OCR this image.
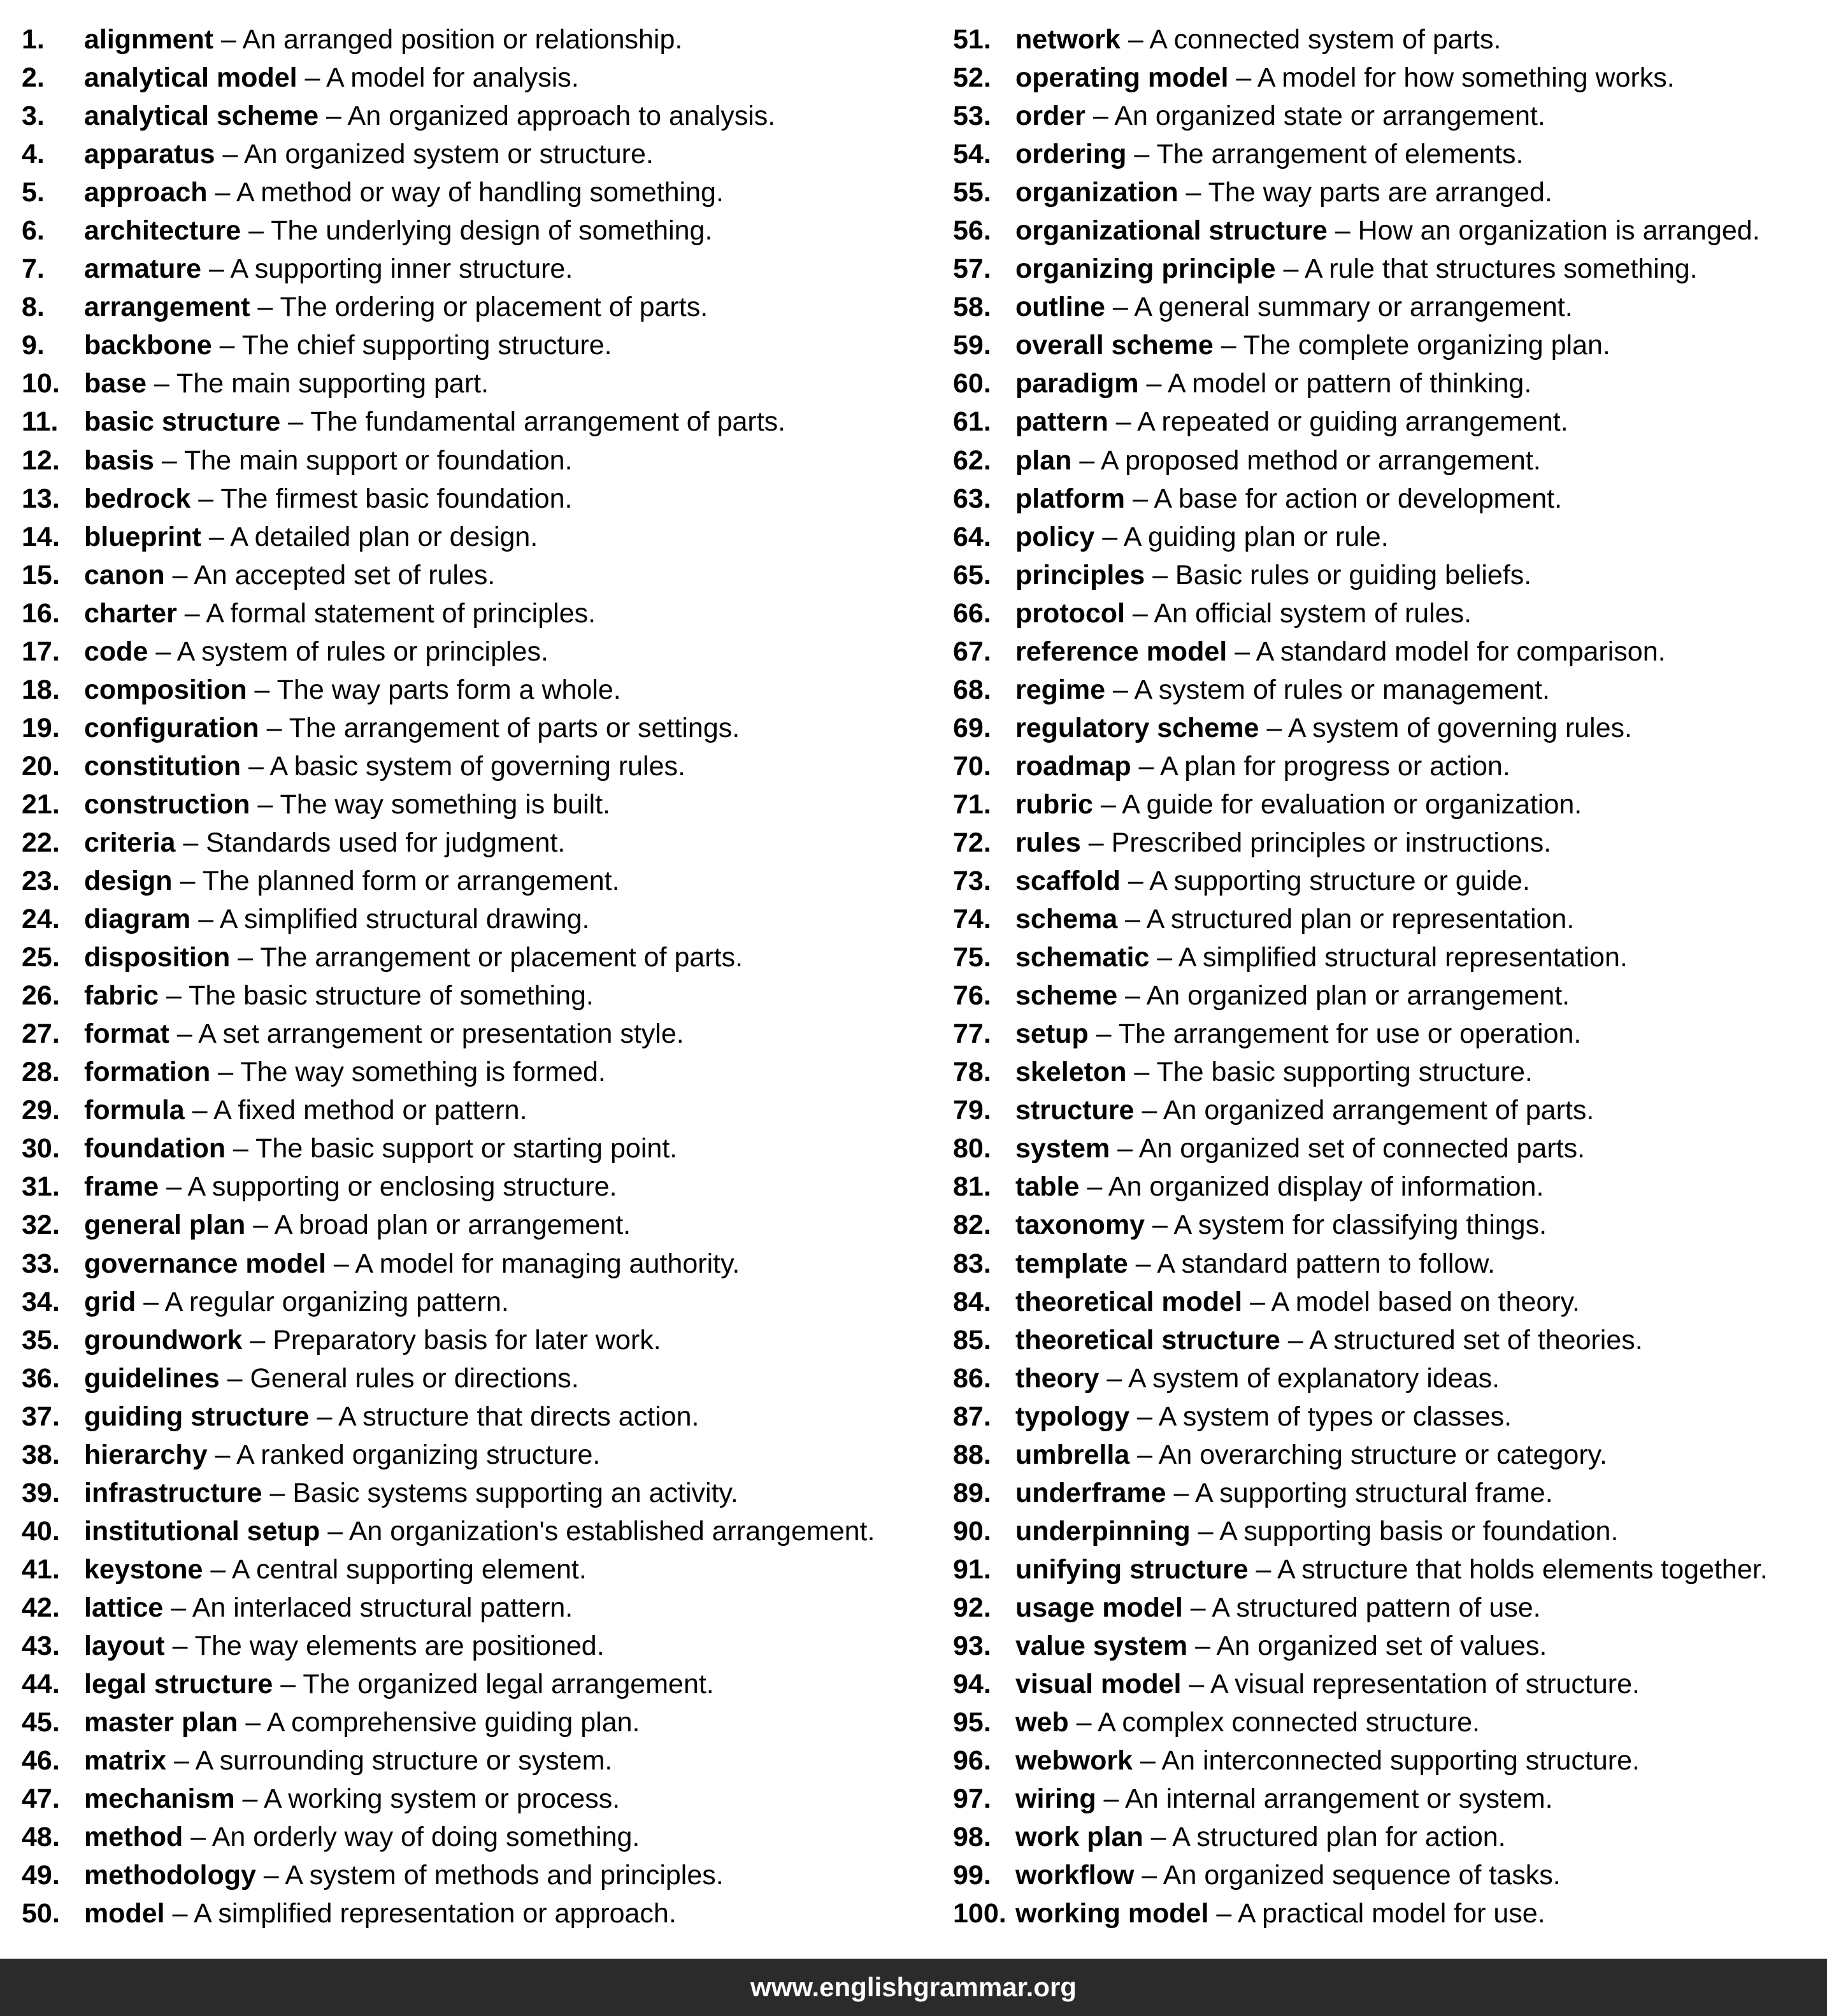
1. alignment – An arranged position or relationship.
2. analytical model – A model for analysis.
3. analytical scheme – An organized approach to analysis.
4. apparatus – An organized system or structure.
5. approach – A method or way of handling something.
6. architecture – The underlying design of something.
7. armature – A supporting inner structure.
8. arrangement – The ordering or placement of parts.
9. backbone – The chief supporting structure.
10. base – The main supporting part.
11. basic structure – The fundamental arrangement of parts.
12. basis – The main support or foundation.
13. bedrock – The firmest basic foundation.
14. blueprint – A detailed plan or design.
15. canon – An accepted set of rules.
16. charter – A formal statement of principles.
17. code – A system of rules or principles.
18. composition – The way parts form a whole.
19. configuration – The arrangement of parts or settings.
20. constitution – A basic system of governing rules.
21. construction – The way something is built.
22. criteria – Standards used for judgment.
23. design – The planned form or arrangement.
24. diagram – A simplified structural drawing.
25. disposition – The arrangement or placement of parts.
26. fabric – The basic structure of something.
27. format – A set arrangement or presentation style.
28. formation – The way something is formed.
29. formula – A fixed method or pattern.
30. foundation – The basic support or starting point.
31. frame – A supporting or enclosing structure.
32. general plan – A broad plan or arrangement.
33. governance model – A model for managing authority.
34. grid – A regular organizing pattern.
35. groundwork – Preparatory basis for later work.
36. guidelines – General rules or directions.
37. guiding structure – A structure that directs action.
38. hierarchy – A ranked organizing structure.
39. infrastructure – Basic systems supporting an activity.
40. institutional setup – An organization's established arrangement.
41. keystone – A central supporting element.
42. lattice – An interlaced structural pattern.
43. layout – The way elements are positioned.
44. legal structure – The organized legal arrangement.
45. master plan – A comprehensive guiding plan.
46. matrix – A surrounding structure or system.
47. mechanism – A working system or process.
48. method – An orderly way of doing something.
49. methodology – A system of methods and principles.
50. model – A simplified representation or approach.
51. network – A connected system of parts.
52. operating model – A model for how something works.
53. order – An organized state or arrangement.
54. ordering – The arrangement of elements.
55. organization – The way parts are arranged.
56. organizational structure – How an organization is arranged.
57. organizing principle – A rule that structures something.
58. outline – A general summary or arrangement.
59. overall scheme – The complete organizing plan.
60. paradigm – A model or pattern of thinking.
61. pattern – A repeated or guiding arrangement.
62. plan – A proposed method or arrangement.
63. platform – A base for action or development.
64. policy – A guiding plan or rule.
65. principles – Basic rules or guiding beliefs.
66. protocol – An official system of rules.
67. reference model – A standard model for comparison.
68. regime – A system of rules or management.
69. regulatory scheme – A system of governing rules.
70. roadmap – A plan for progress or action.
71. rubric – A guide for evaluation or organization.
72. rules – Prescribed principles or instructions.
73. scaffold – A supporting structure or guide.
74. schema – A structured plan or representation.
75. schematic – A simplified structural representation.
76. scheme – An organized plan or arrangement.
77. setup – The arrangement for use or operation.
78. skeleton – The basic supporting structure.
79. structure – An organized arrangement of parts.
80. system – An organized set of connected parts.
81. table – An organized display of information.
82. taxonomy – A system for classifying things.
83. template – A standard pattern to follow.
84. theoretical model – A model based on theory.
85. theoretical structure – A structured set of theories.
86. theory – A system of explanatory ideas.
87. typology – A system of types or classes.
88. umbrella – An overarching structure or category.
89. underframe – A supporting structural frame.
90. underpinning – A supporting basis or foundation.
91. unifying structure – A structure that holds elements together.
92. usage model – A structured pattern of use.
93. value system – An organized set of values.
94. visual model – A visual representation of structure.
95. web – A complex connected structure.
96. webwork – An interconnected supporting structure.
97. wiring – An internal arrangement or system.
98. work plan – A structured plan for action.
99. workflow – An organized sequence of tasks.
100. working model – A practical model for use.
www.englishgrammar.org
